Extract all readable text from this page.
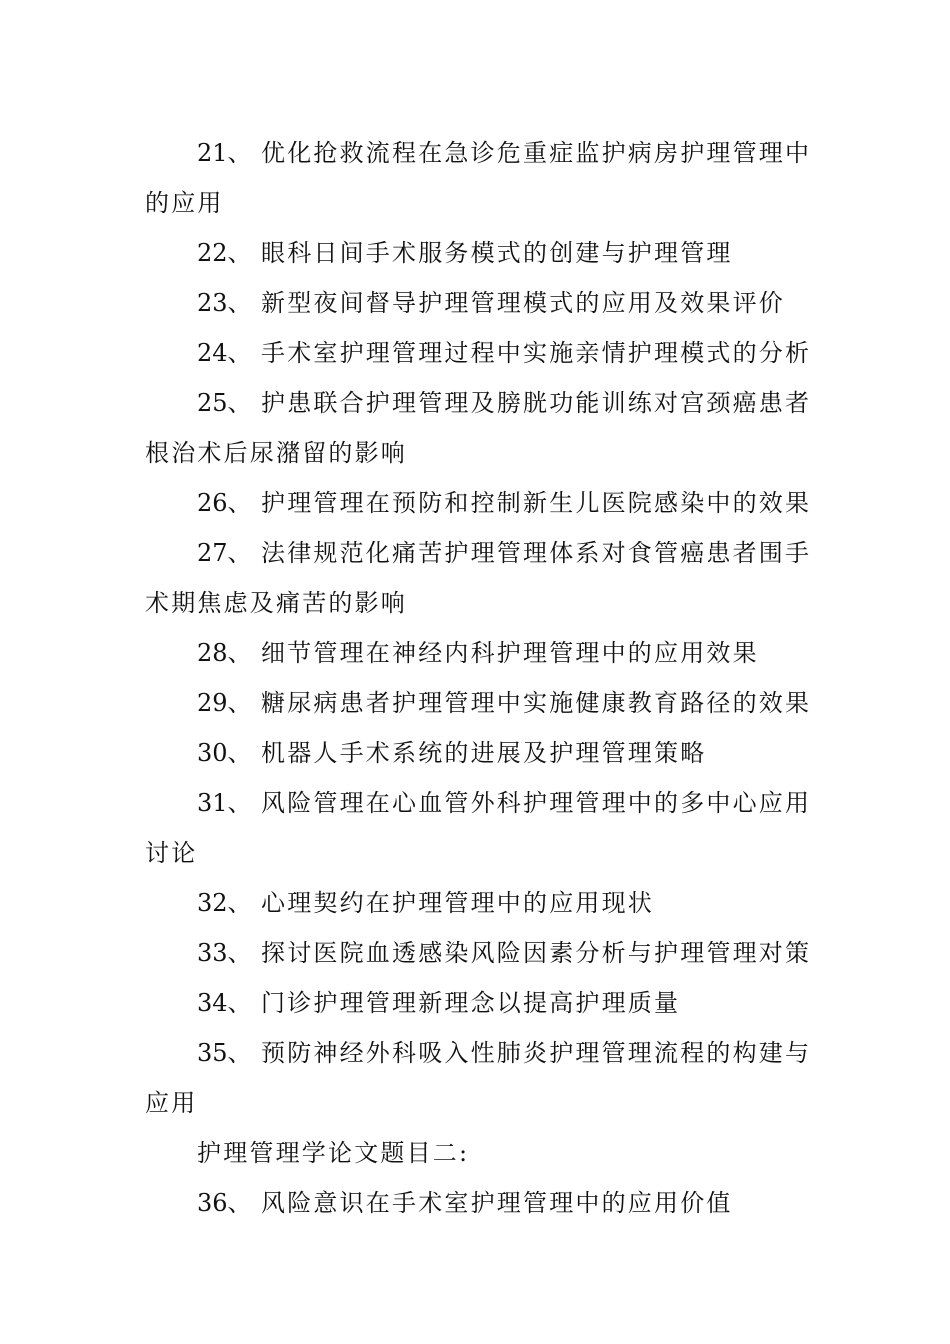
21、 优化抢救流程在急诊危重症监护病房护理管理中
的应用
22、 眼科日间手术服务模式的创建与护理管理
23、 新型夜间督导护理管理模式的应用及效果评价
24、 手术室护理管理过程中实施亲情护理模式的分析
25、 护患联合护理管理及膀胱功能训练对宫颈癌患者
根治术后尿潴留的影响
26、 护理管理在预防和控制新生儿医院感染中的效果
27、 法律规范化痛苦护理管理体系对食管癌患者围手
术期焦虑及痛苦的影响
28、 细节管理在神经内科护理管理中的应用效果
29、 糖尿病患者护理管理中实施健康教育路径的效果
30、 机器人手术系统的进展及护理管理策略
31、 风险管理在心血管外科护理管理中的多中心应用
讨论
32、 心理契约在护理管理中的应用现状
33、 探讨医院血透感染风险因素分析与护理管理对策
34、 门诊护理管理新理念以提高护理质量
35、 预防神经外科吸入性肺炎护理管理流程的构建与
应用
护理管理学论文题目二:
36、 风险意识在手术室护理管理中的应用价值
